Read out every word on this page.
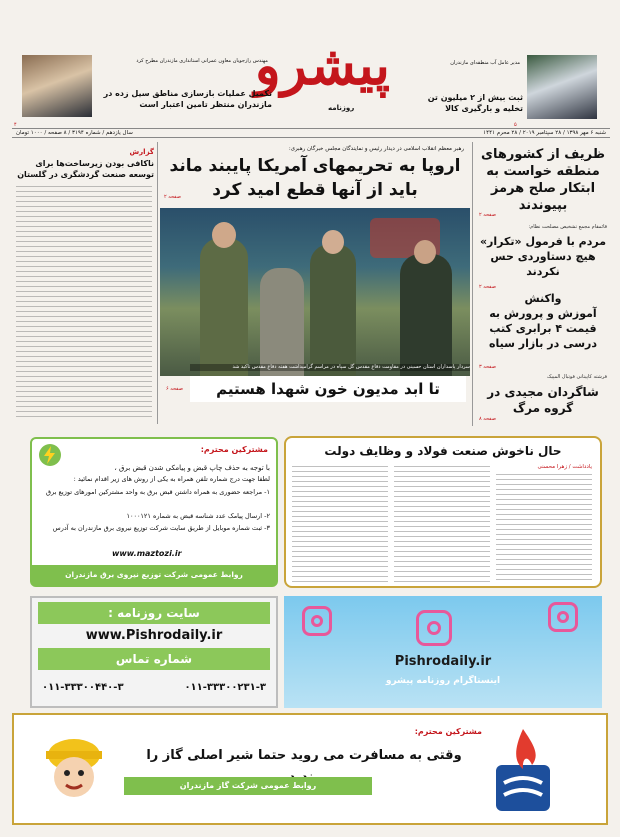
مدیر عامل آب منطقه‌ای مازندران
ثبت بیش از ۲ میلیون تن تخلیه و بارگیری کالا
۵
پیشرو
روزنامه
مهندس رازجویان معاون عمرانی استانداری مازندران مطرح کرد
تکمیل عملیات بازسازی مناطق سیل زده در مازندران منتظر تامین اعتبار است
۴
سال یازدهم / شماره ۳۱۹۴ / ۸ صفحه / ۱۰۰۰ تومان	شنبه ۶ مهر ۱۳۹۸ / ۲۸ سپتامبر ۲۰۱۹ / ۲۸ محرم ۱۴۴۱
ظریف از کشورهای منطقه خواست به ابتکار صلح هرمز بپیوندند
صفحه ۲
قائمقام مجمع تشخیص مصلحت نظام:
مردم با فرمول «تکرار» هیچ دستاوردی حس نکردند
صفحه ۲
واکنش
آموزش و پرورش به قیمت ۴ برابری کتب درسی در بازار سیاه
صفحه ۳
فرشته کاپیتانی فوتبال المپیک
شاگردان مجیدی در گروه مرگ
صفحه ۸
گزارش
ناکافی بودن زیرساخت‌ها برای توسعه صنعت گردشگری در گلستان
رهبر معظم انقلاب اسلامی در دیدار رئیس و نمایندگان مجلس خبرگان رهبری:
اروپا به تحریمهای آمریکا پایبند ماند
باید از آنها قطع امید کرد
صفحه ۲
سردار پاسداران استان حسینی در مقاومت دفاع مقدس گل سپاه در مراسم گرامیداشت هفته دفاع مقدس تاکید شد
تا ابد مدیون خون شهدا هستیم
صفحه ۶
مشترکین محترم:
با توجه به حذف چاپ قبض و پیامکی شدن قبض برق ،
لطفا جهت درج شماره تلفن همراه به یکی از روش های زیر اقدام نمائید :
۱- مراجعه حضوری به همراه داشتن قبض برق به واحد مشترکین امورهای توزیع برق
۲- ارسال پیامک عدد شناسه قبض به شماره ۱۰۰۰۱۲۱
۳- ثبت شماره موبایل از طریق سایت شرکت توزیع نیروی برق مازندران به آدرس
www.maztozi.ir
روابط عمومی شرکت توزیع نیروی برق مازندران
حال ناخوش صنعت فولاد و وظایف دولت
یادداشت / زهرا محسنی
سایت روزنامه :
www.Pishrodaily.ir
شماره تماس
۰۱۱-۳۳۳۰۰۲۳۱-۳
۰۱۱-۳۳۳۰۰۴۴۰-۳
Pishrodaily.ir
اینستاگرام روزنامه پیشرو
مشترکین محترم:
وقتی به مسافرت می روید حتما شیر اصلی گاز را
روابط عمومی شرکت گاز مازندران
